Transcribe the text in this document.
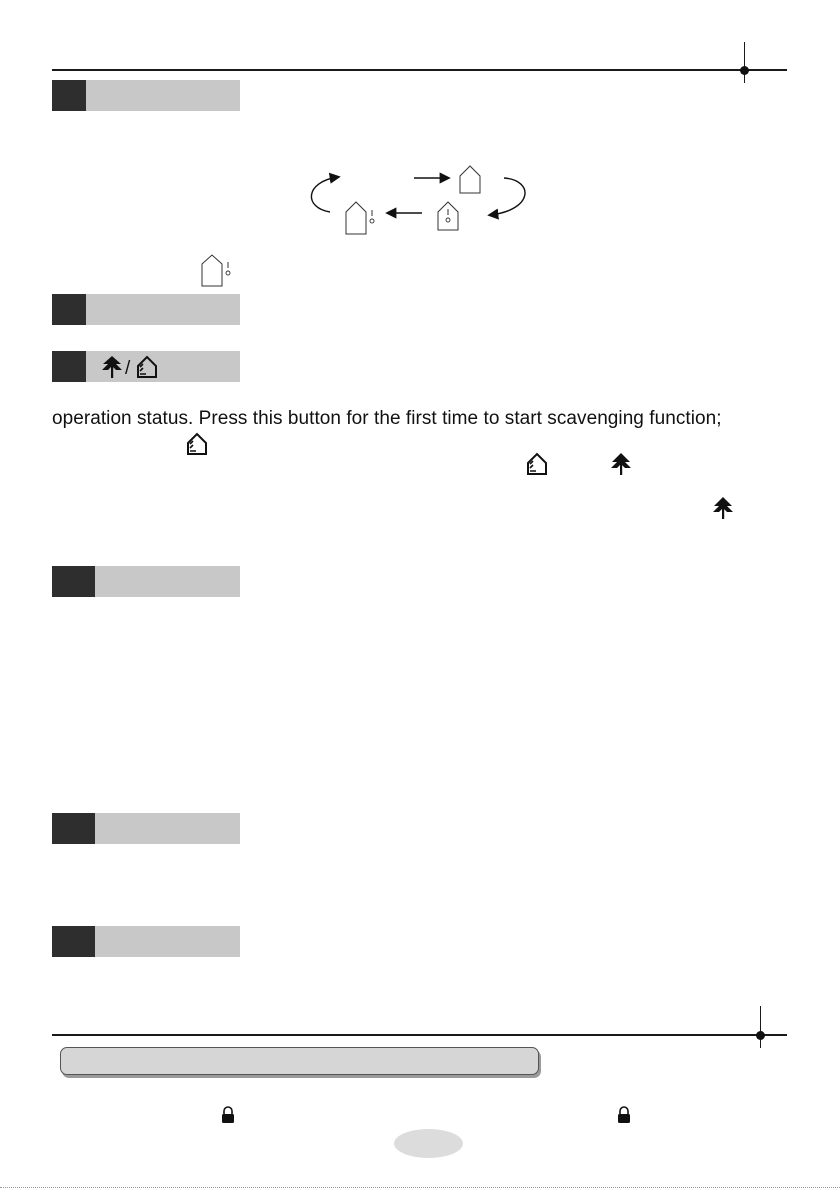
/
operation status. Press this button for the first time to start scavenging function;
